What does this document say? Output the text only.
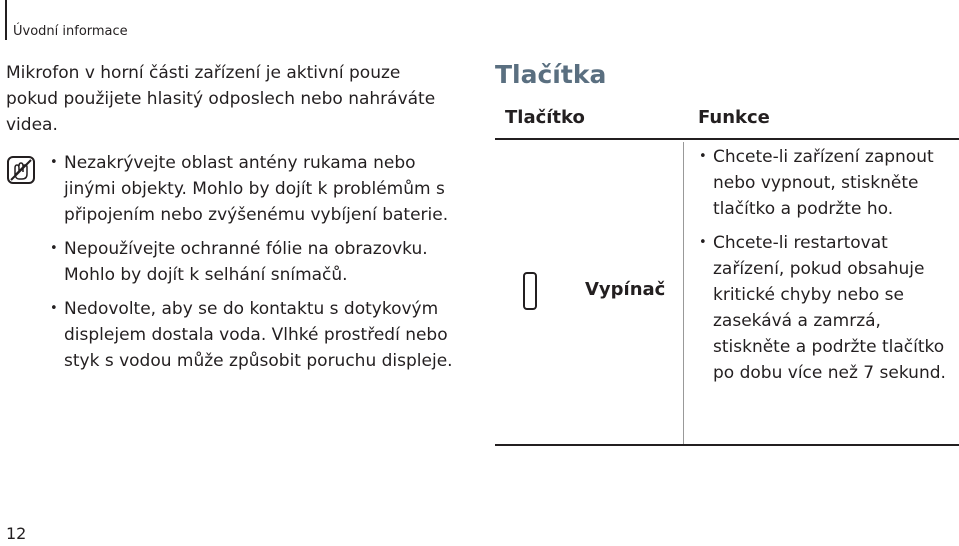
Úvodní informace

Mikrofon v horní části zařízení je aktivní pouze pokud použijete hlasitý odposlech nebo nahráváte videa.

• Nezakrývejte oblast antény rukama nebo jinými objekty. Mohlo by dojít k problémům s připojením nebo zvýšenému vybíjení baterie.
• Nepoužívejte ochranné fólie na obrazovku. Mohlo by dojít k selhání snímačů.
• Nedovolte, aby se do kontaktu s dotykovým displejem dostala voda. Vlhké prostředí nebo styk s vodou může způsobit poruchu displeje.
Tlačítka
Tlačítko	Funkce
Vypínač
• Chcete-li zařízení zapnout nebo vypnout, stiskněte tlačítko a podržte ho.
• Chcete-li restartovat zařízení, pokud obsahuje kritické chyby nebo se zasekává a zamrzá, stiskněte a podržte tlačítko po dobu více než 7 sekund.
12
